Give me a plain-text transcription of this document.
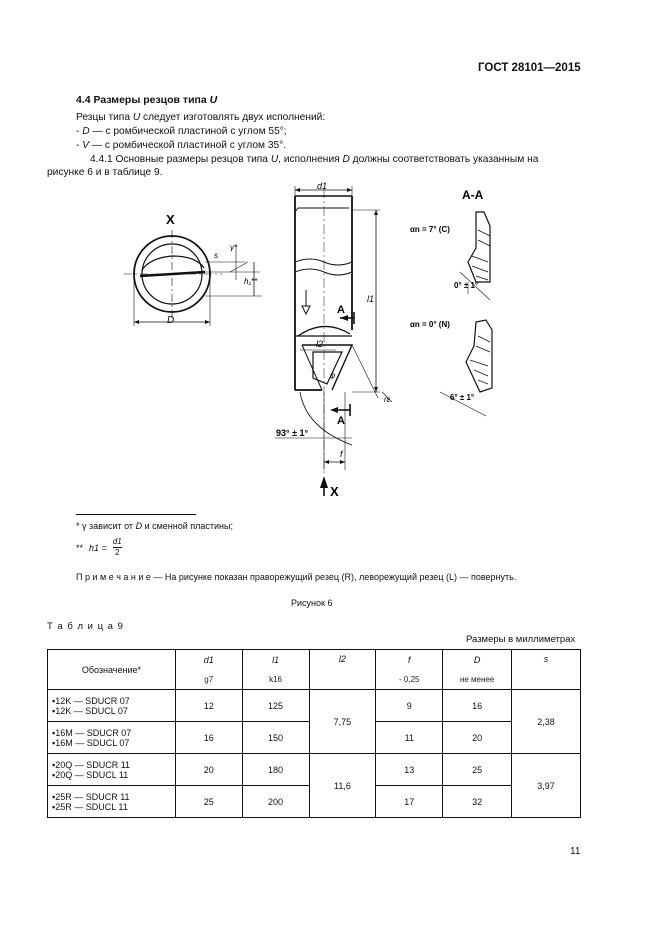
ГОСТ 28101—2015
4.4 Размеры резцов типа U
Резцы типа U следует изготовлять двух исполнений:
- D — с ромбической пластиной с углом 55°;
- V — с ромбической пластиной с углом 35°.
4.4.1 Основные размеры резцов типа U, исполнения D должны соответствовать указанным на
рисунке 6 и в таблице 9.
X
D
s
γ*
h₁**
d1
l1
l2
f
rε
A
A
φ
93° ± 1°
X
A-A
αn = 7° (C)
0° ± 1°
αn = 0° (N)
6° ± 1°
* γ зависит от D и сменной пластины;
** $h1 = \frac{d1}{2}$
П р и м е ч а н и е — На рисунке показан праворежущий резец (R), леворежущий резец (L) — повернуть.
Рисунок 6
Т а б л и ц а 9
Размеры в миллиметрах
Обозначение*	d1	l1	l2	f	D	s
	g7	k16		- 0,25	не менее	

▪12K — SDUCR 07
▪12K — SDUCL 07	12	125	7,75	9	16	2,38

▪16M — SDUCR 07
▪16M — SDUCL 07	16	150		11	20	

▪20Q — SDUCR 11
▪20Q — SDUCL 11	20	180	11,6	13	25	3,97

▪25R — SDUCR 11
▪25R — SDUCL 11	25	200		17	32	
11
